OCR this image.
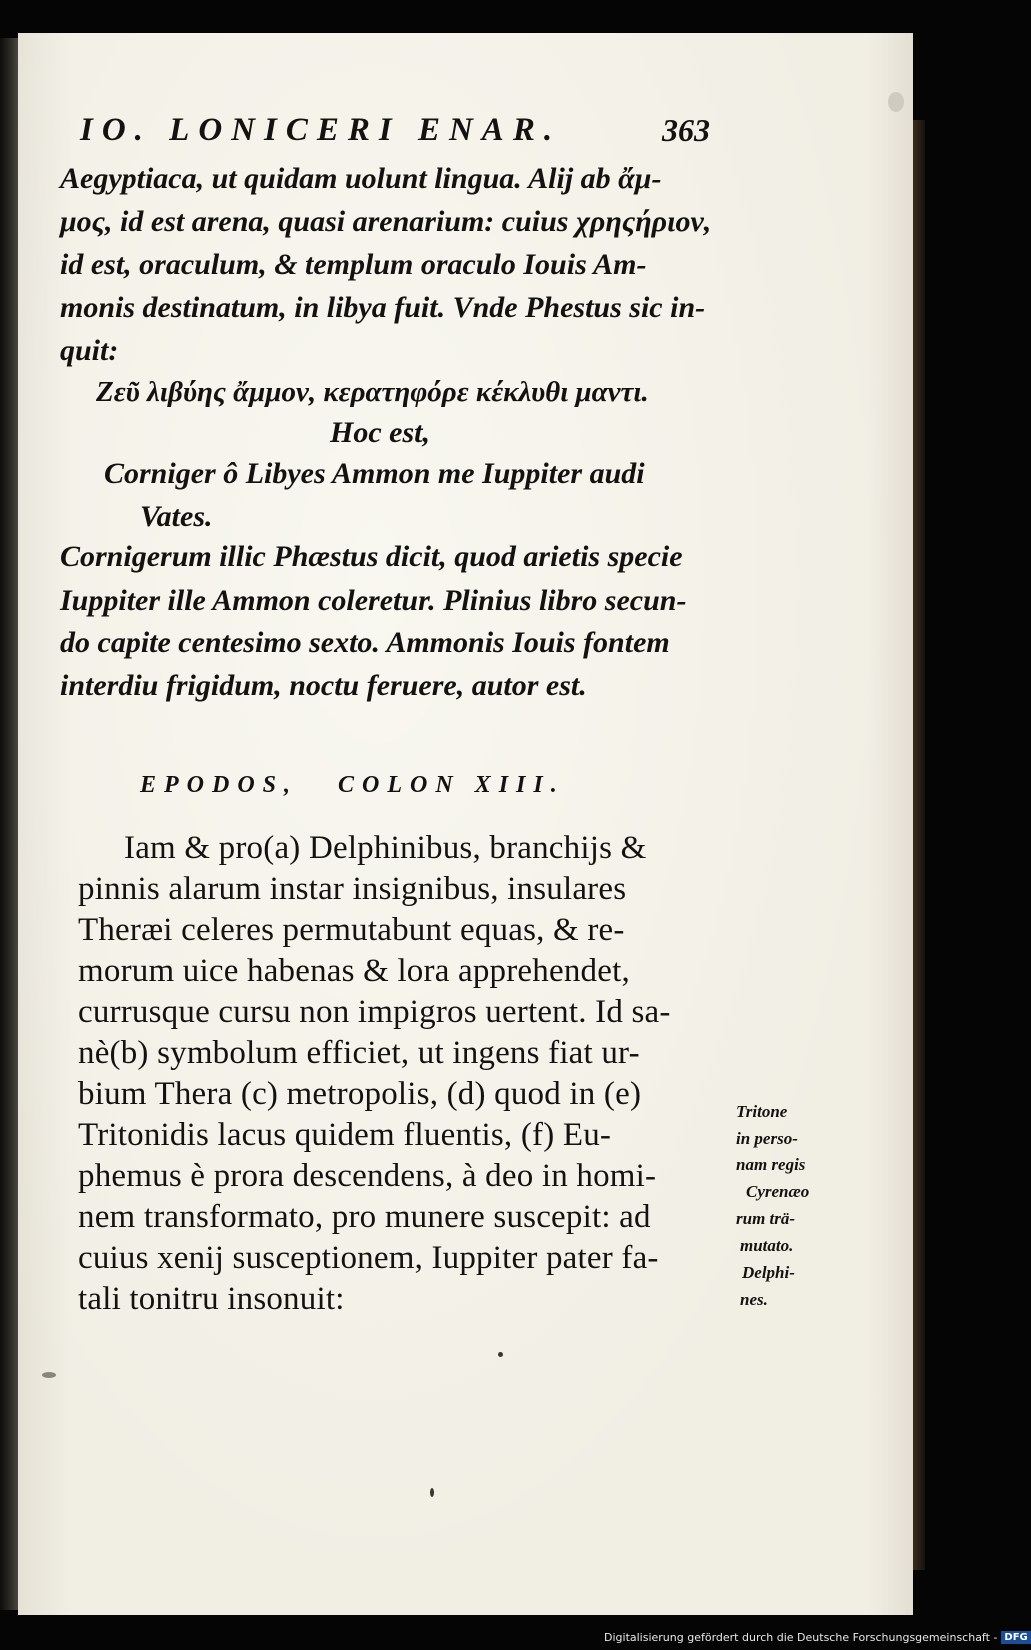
IO. LONICERI ENAR.	363
Aegyptiaca, ut quidam uolunt lingua. Alij ab ἄμ-
μος, id est arena, quasi arenarium: cuius χρηςήριον,
id est, oraculum, & templum oraculo Iouis Am-
monis destinatum, in libya fuit. Vnde Phestus sic in-
quit:
Ζεῦ λιβύης ἄμμον, κερατηφόρε κέκλυθι μαντι.
Hoc est,
Corniger ô Libyes Ammon me Iuppiter audi
Vates.
Cornigerum illic Phæstus dicit, quod arietis specie
Iuppiter ille Ammon coleretur. Plinius libro secun-
do capite centesimo sexto. Ammonis Iouis fontem
interdiu frigidum, noctu feruere, autor est.
EPODOS, COLON XIII.
Iam & pro(a) Delphinibus, branchijs &
pinnis alarum instar insignibus, insulares
Theræi celeres permutabunt equas, & re-
morum uice habenas & lora apprehendet,
currusque cursu non impigros uertent. Id sa-
nè(b) symbolum efficiet, ut ingens fiat ur-
bium Thera (c) metropolis, (d) quod in (e)
Tritonidis lacus quidem fluentis, (f) Eu-
phemus è prora descendens, à deo in homi-
nem transformato, pro munere suscepit: ad
cuius xenij susceptionem, Iuppiter pater fa-
tali tonitru insonuit:
Tritone
in perso-
nam regis
Cyrenæo
rum trä-
mutato.
Delphi-
nes.
Digitalisierung gefördert durch die Deutsche Forschungsgemeinschaft - DFG
